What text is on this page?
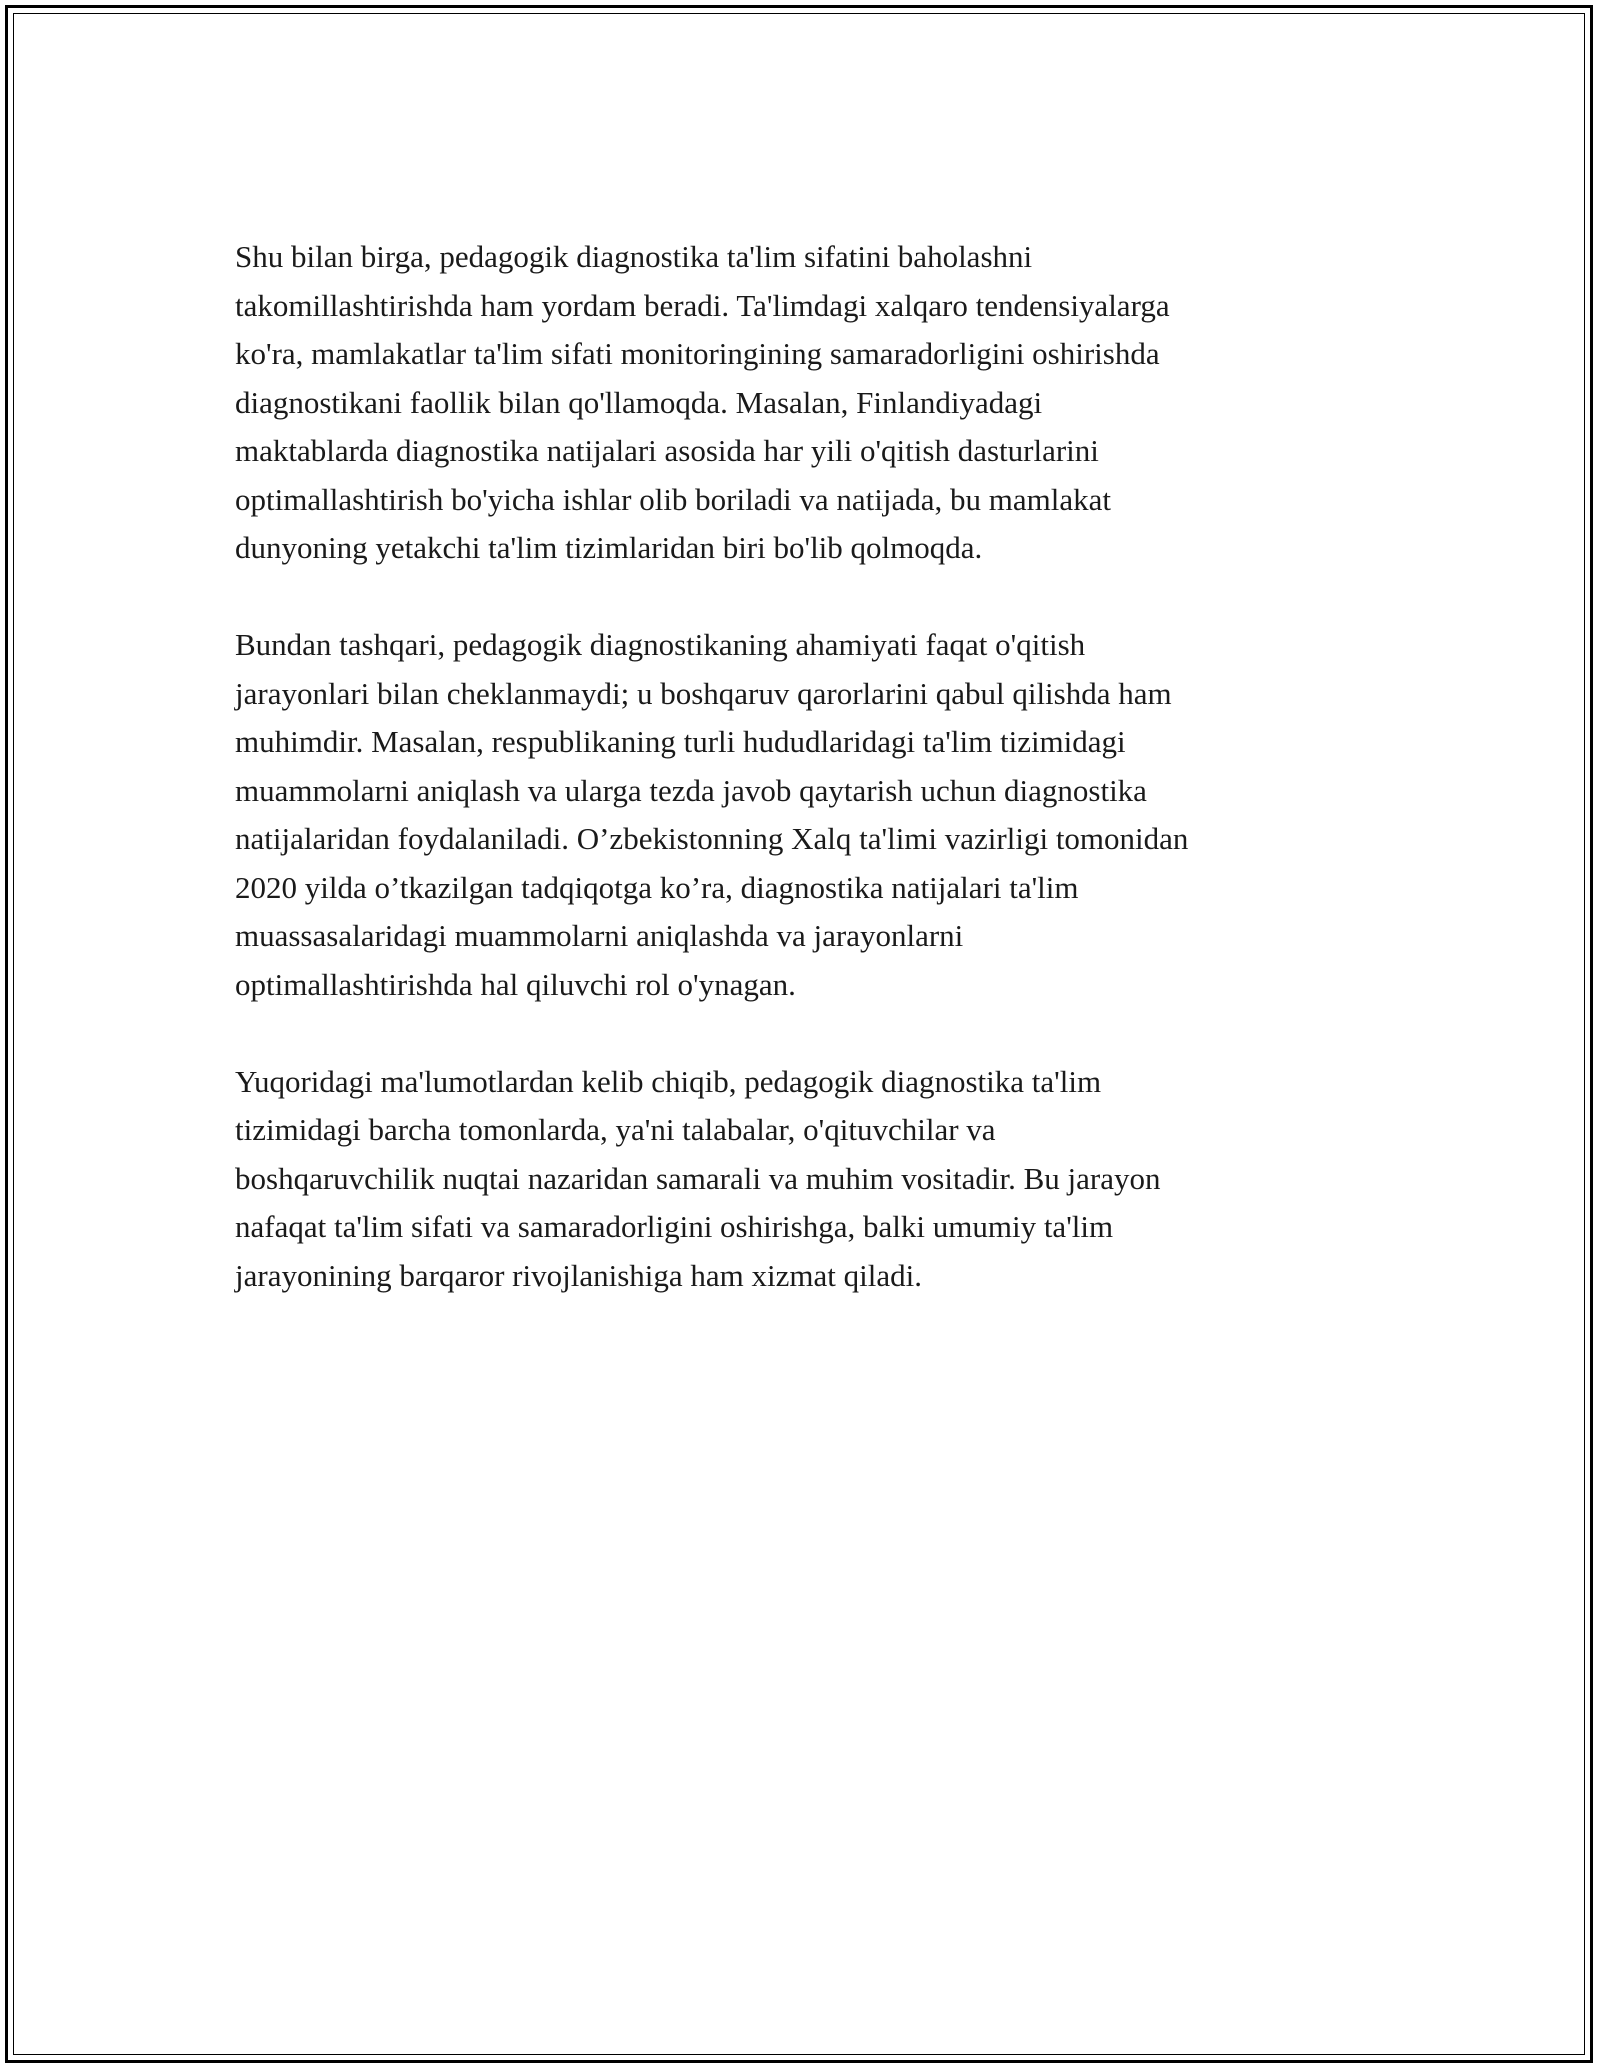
Shu bilan birga, pedagogik diagnostika ta'lim sifatini baholashni
takomillashtirishda ham yordam beradi. Ta'limdagi xalqaro tendensiyalarga
ko'ra, mamlakatlar ta'lim sifati monitoringining samaradorligini oshirishda
diagnostikani faollik bilan qo'llamoqda. Masalan, Finlandiyadagi
maktablarda diagnostika natijalari asosida har yili o'qitish dasturlarini
optimallashtirish bo'yicha ishlar olib boriladi va natijada, bu mamlakat
dunyoning yetakchi ta'lim tizimlaridan biri bo'lib qolmoqda.

Bundan tashqari, pedagogik diagnostikaning ahamiyati faqat o'qitish
jarayonlari bilan cheklanmaydi; u boshqaruv qarorlarini qabul qilishda ham
muhimdir. Masalan, respublikaning turli hududlaridagi ta'lim tizimidagi
muammolarni aniqlash va ularga tezda javob qaytarish uchun diagnostika
natijalaridan foydalaniladi. O’zbekistonning Xalq ta'limi vazirligi tomonidan
2020 yilda o’tkazilgan tadqiqotga ko’ra, diagnostika natijalari ta'lim
muassasalaridagi muammolarni aniqlashda va jarayonlarni
optimallashtirishda hal qiluvchi rol o'ynagan.

Yuqoridagi ma'lumotlardan kelib chiqib, pedagogik diagnostika ta'lim
tizimidagi barcha tomonlarda, ya'ni talabalar, o'qituvchilar va
boshqaruvchilik nuqtai nazaridan samarali va muhim vositadir. Bu jarayon
nafaqat ta'lim sifati va samaradorligini oshirishga, balki umumiy ta'lim
jarayonining barqaror rivojlanishiga ham xizmat qiladi.
